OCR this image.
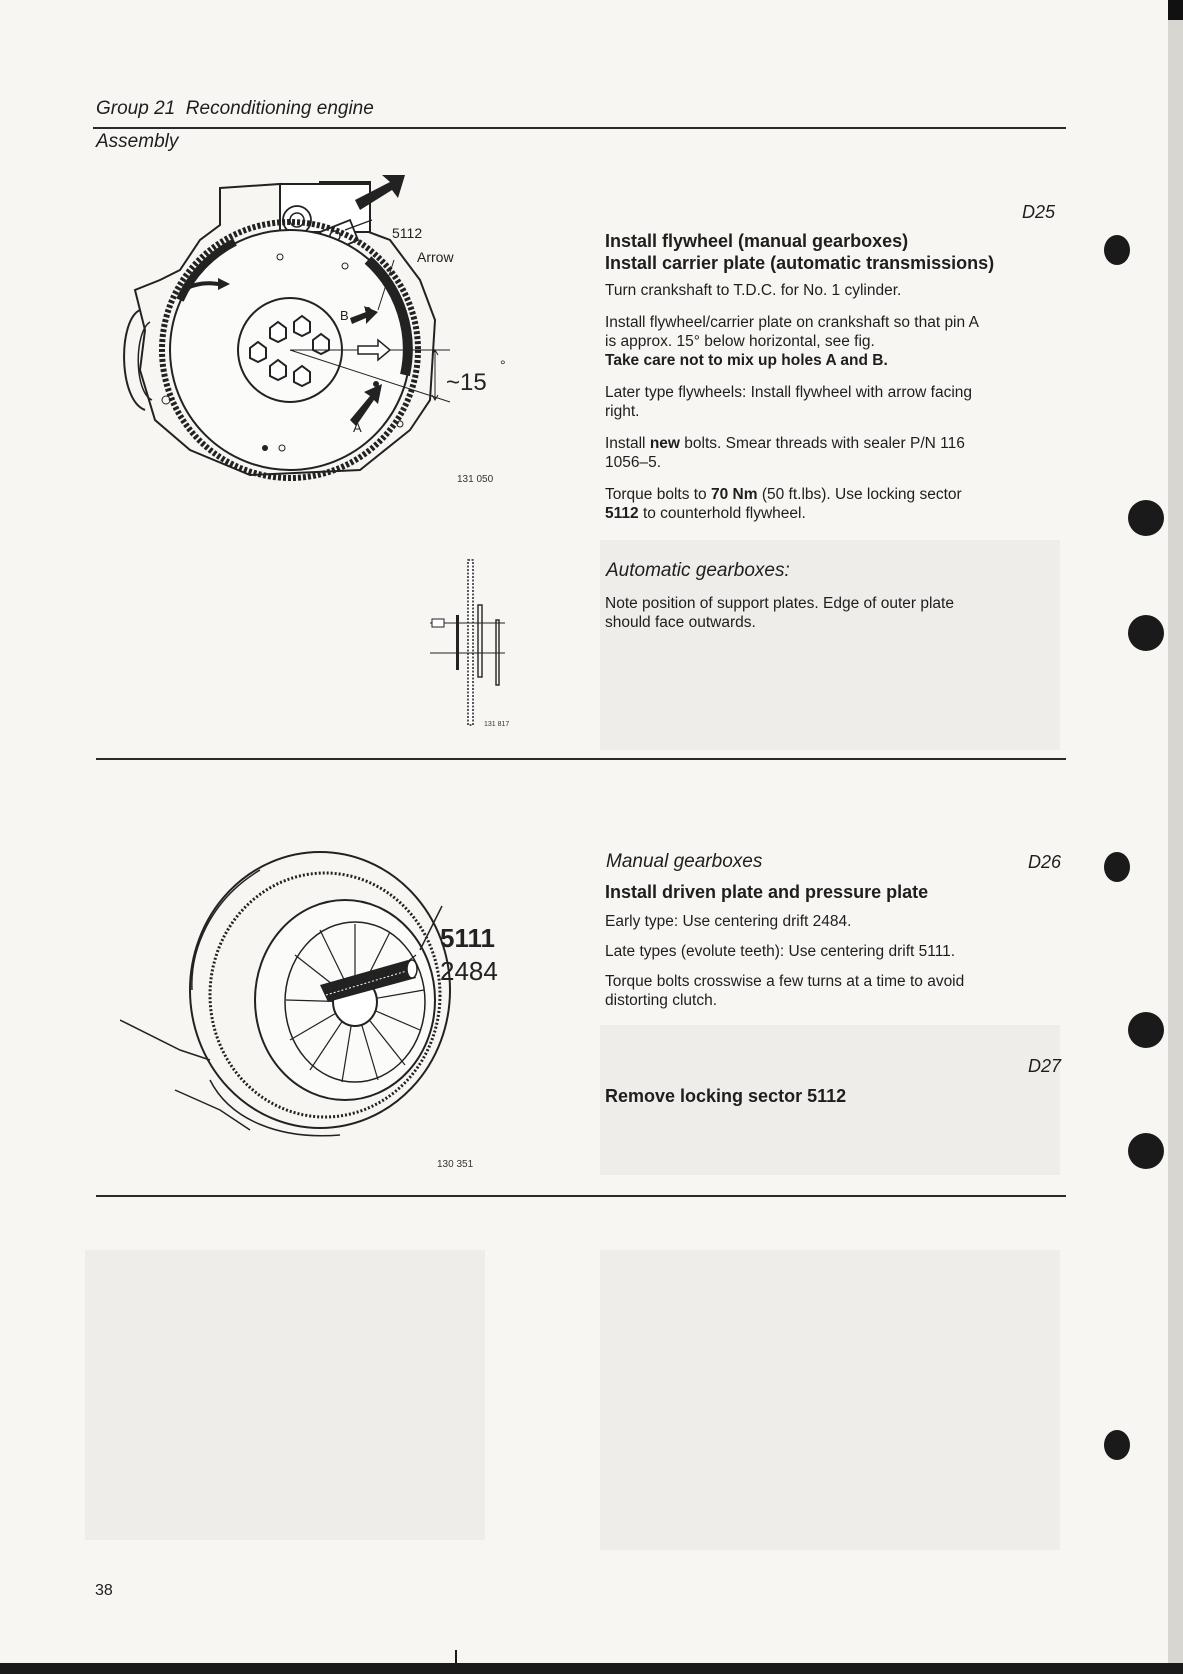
Group 21  Reconditioning engine
Assembly
5112
Arrow
B
A
~15
°
131 050
131 817
D25
Install flywheel (manual gearboxes)
Install carrier plate (automatic transmissions)
Turn crankshaft to T.D.C. for No. 1 cylinder.
Install flywheel/carrier plate on crankshaft so that pin A
is approx. 15° below horizontal, see fig.
Take care not to mix up holes A and B.
Later type flywheels: Install flywheel with arrow facing
right.
Install new bolts. Smear threads with sealer P/N 116
1056–5.
Torque bolts to 70 Nm (50 ft.lbs). Use locking sector
5112 to counterhold flywheel.
Automatic gearboxes:
Note position of support plates. Edge of outer plate
should face outwards.
5111
2484
130 351
Manual gearboxes	D26
Install driven plate and pressure plate
Early type: Use centering drift 2484.
Late types (evolute teeth): Use centering drift 5111.
Torque bolts crosswise a few turns at a time to avoid
distorting clutch.
D27
Remove locking sector 5112
38
